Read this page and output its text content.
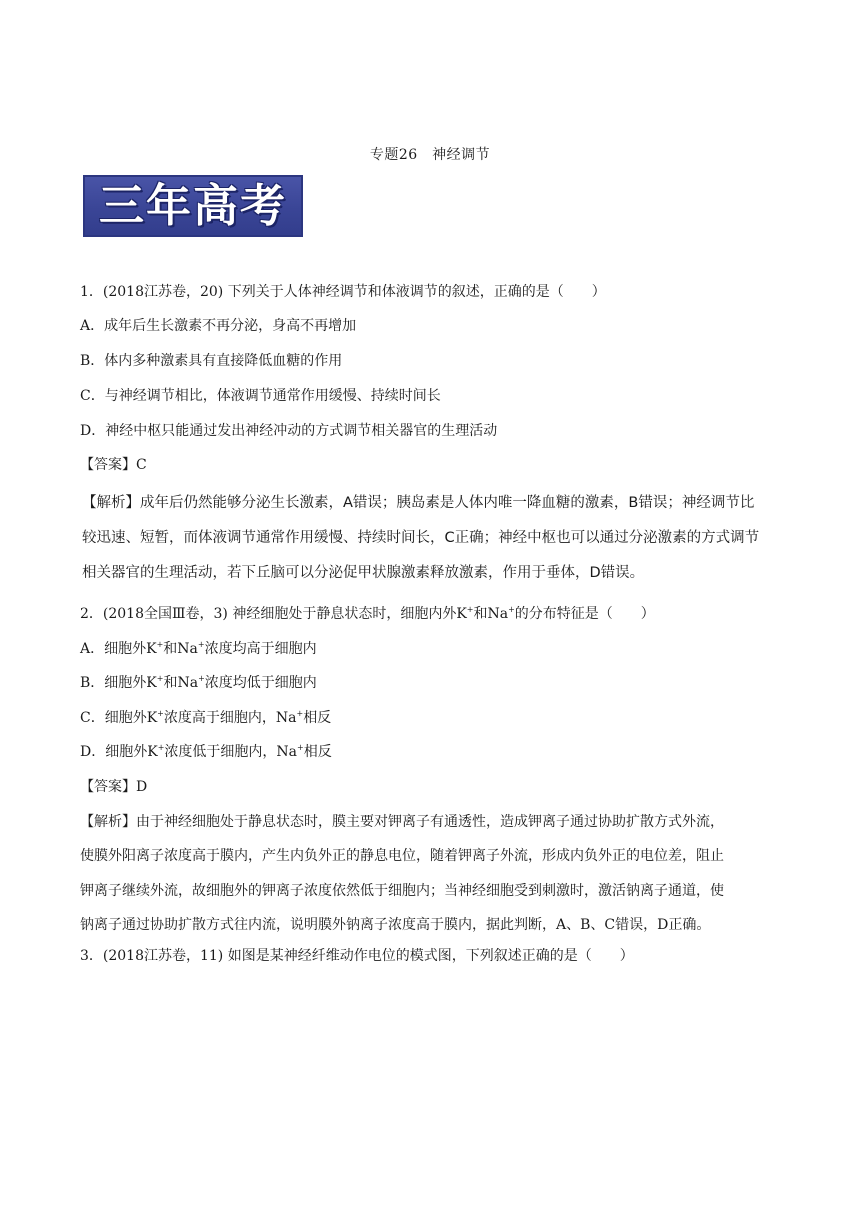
专题26　神经调节
三年高考
1．(2018江苏卷，20) 下列关于人体神经调节和体液调节的叙述，正确的是（　　）
A．成年后生长激素不再分泌，身高不再增加
B．体内多种激素具有直接降低血糖的作用
C．与神经调节相比，体液调节通常作用缓慢、持续时间长
D．神经中枢只能通过发出神经冲动的方式调节相关器官的生理活动
【答案】C
【解析】成年后仍然能够分泌生长激素，A错误；胰岛素是人体内唯一降血糖的激素，B错误；神经调节比
较迅速、短暂，而体液调节通常作用缓慢、持续时间长，C正确；神经中枢也可以通过分泌激素的方式调节
相关器官的生理活动，若下丘脑可以分泌促甲状腺激素释放激素，作用于垂体，D错误。
2．(2018全国Ⅲ卷，3) 神经细胞处于静息状态时，细胞内外K+和Na+的分布特征是（　　）
A．细胞外K+和Na+浓度均高于细胞内
B．细胞外K+和Na+浓度均低于细胞内
C．细胞外K+浓度高于细胞内，Na+相反
D．细胞外K+浓度低于细胞内，Na+相反
【答案】D
【解析】由于神经细胞处于静息状态时，膜主要对钾离子有通透性，造成钾离子通过协助扩散方式外流，
使膜外阳离子浓度高于膜内，产生内负外正的静息电位，随着钾离子外流，形成内负外正的电位差，阻止
钾离子继续外流，故细胞外的钾离子浓度依然低于细胞内；当神经细胞受到刺激时，激活钠离子通道，使
钠离子通过协助扩散方式往内流，说明膜外钠离子浓度高于膜内，据此判断，A、B、C错误，D正确。
3．(2018江苏卷，11) 如图是某神经纤维动作电位的模式图，下列叙述正确的是（　　）
